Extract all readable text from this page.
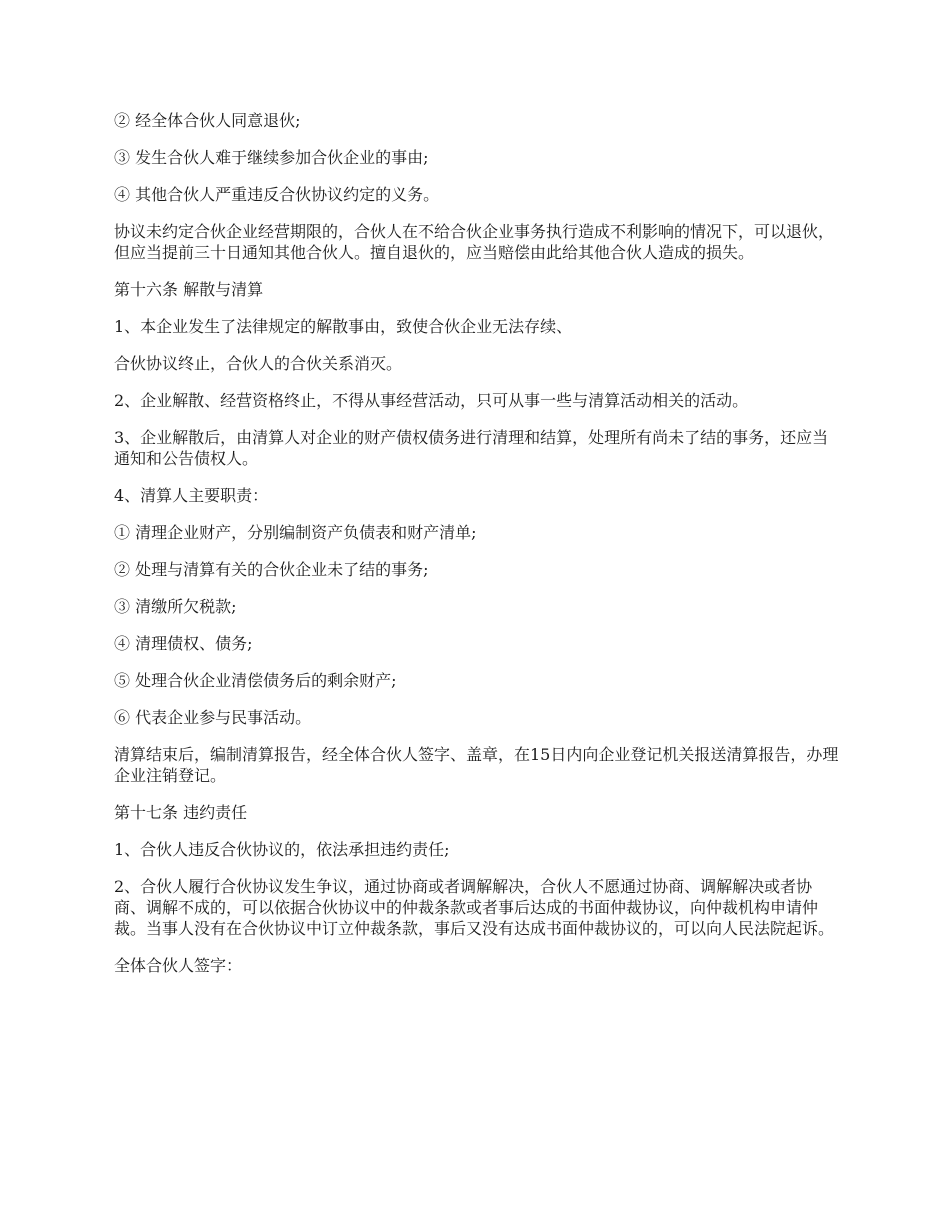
② 经全体合伙人同意退伙;

③ 发生合伙人难于继续参加合伙企业的事由;

④ 其他合伙人严重违反合伙协议约定的义务。

协议未约定合伙企业经营期限的，合伙人在不给合伙企业事务执行造成不利影响的情况下，可以退伙，但应当提前三十日通知其他合伙人。擅自退伙的，应当赔偿由此给其他合伙人造成的损失。

第十六条 解散与清算

1、本企业发生了法律规定的解散事由，致使合伙企业无法存续、

合伙协议终止，合伙人的合伙关系消灭。

2、企业解散、经营资格终止，不得从事经营活动，只可从事一些与清算活动相关的活动。

3、企业解散后，由清算人对企业的财产债权债务进行清理和结算，处理所有尚未了结的事务，还应当通知和公告债权人。

4、清算人主要职责：

① 清理企业财产，分别编制资产负债表和财产清单;

② 处理与清算有关的合伙企业未了结的事务;

③ 清缴所欠税款;

④ 清理债权、债务;

⑤ 处理合伙企业清偿债务后的剩余财产;

⑥ 代表企业参与民事活动。

清算结束后，编制清算报告，经全体合伙人签字、盖章，在15日内向企业登记机关报送清算报告，办理企业注销登记。

第十七条 违约责任

1、合伙人违反合伙协议的，依法承担违约责任;

2、合伙人履行合伙协议发生争议，通过协商或者调解解决，合伙人不愿通过协商、调解解决或者协商、调解不成的，可以依据合伙协议中的仲裁条款或者事后达成的书面仲裁协议，向仲裁机构申请仲裁。当事人没有在合伙协议中订立仲裁条款，事后又没有达成书面仲裁协议的，可以向人民法院起诉。

全体合伙人签字：
